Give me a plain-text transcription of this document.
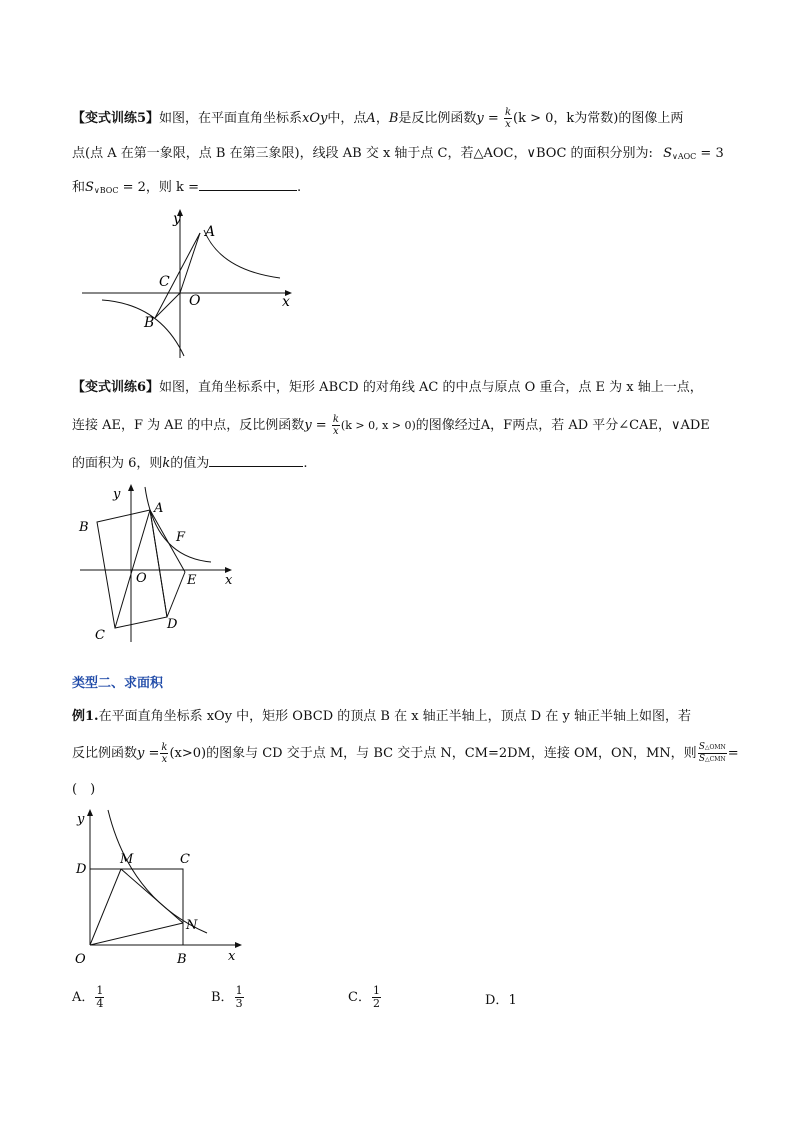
【变式训练5】如图，在平面直角坐标系xOy中，点A，B是反比例函数$y = \frac{k}{x} (k > 0$，k为常数)的图像上两
点(点 A 在第一象限，点 B 在第三象限)，线段 AB 交 x 轴于点 C，若△AOC，∨BOC 的面积分别为: $S_{\vee AOC} = 3$
和$S_{\vee BOC} = 2$，则 k =	.
y
x
A
B
C
O
【变式训练6】如图，直角坐标系中，矩形 ABCD 的对角线 AC 的中点与原点 O 重合，点 E 为 x 轴上一点，
连接 AE，F 为 AE 的中点，反比例函数$y = \frac{k}{x} (k > 0$, x > 0)的图像经过A，F两点，若 AD 平分∠CAE，∨ADE
的面积为 6，则k的值为	.
y
x
A
B
C
D
E
F
O
类型二、求面积
例1.在平面直角坐标系 xOy 中，矩形 OBCD 的顶点 B 在 x 轴正半轴上，顶点 D 在 y 轴正半轴上如图，若
反比例函数$y = \frac{k}{x} (x>0)$的图象与 CD 交于点 M，与 BC 交于点 N，CM=2DM，连接 OM，ON，MN，则 $\frac{\text{S△OMN}}{\text{S△CMN}}$ =
(　)
y
x
D
M	C
N
O	B
A． $\frac{1}{4}$	B． $\frac{1}{3}$	C． $\frac{1}{2}$	D．1
